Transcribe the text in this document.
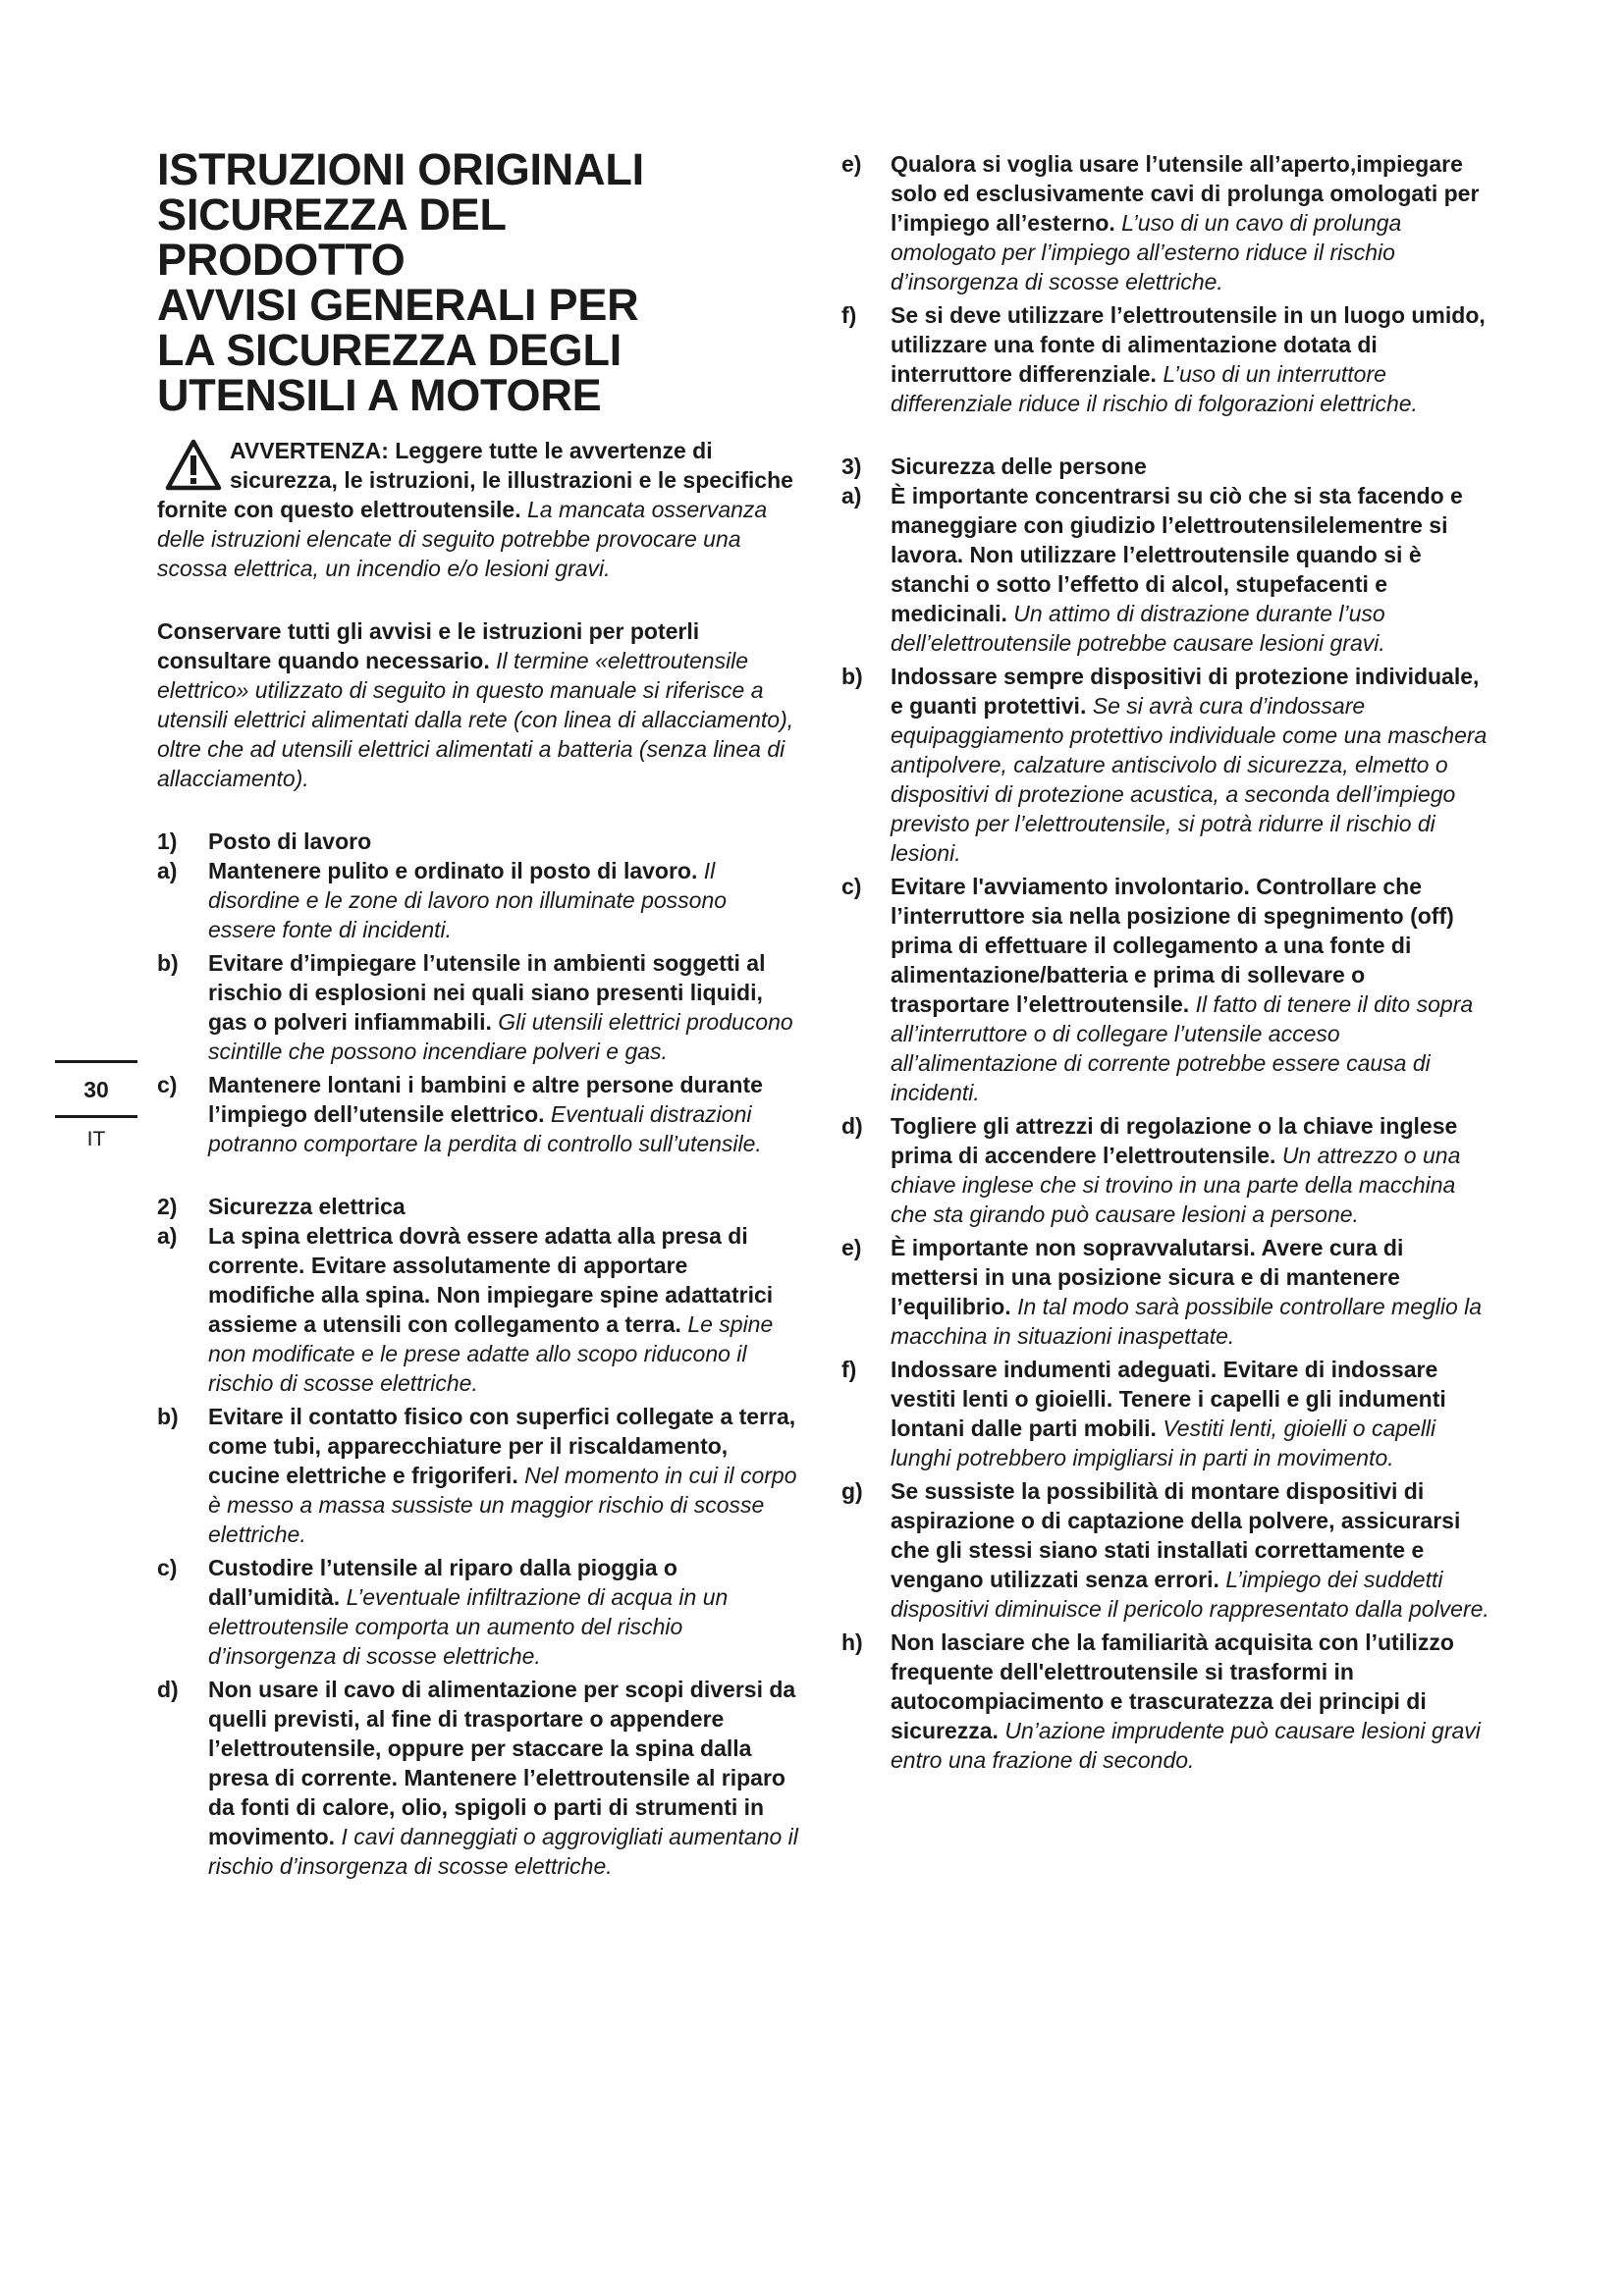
30
IT
ISTRUZIONI ORIGINALI
SICUREZZA DEL
PRODOTTO
AVVISI GENERALI PER
LA SICUREZZA DEGLI
UTENSILI A MOTORE

AVVERTENZA: Leggere tutte le avvertenze di sicurezza, le istruzioni, le illustrazioni e le specifiche fornite con questo elettroutensile. La mancata osservanza delle istruzioni elencate di seguito potrebbe provocare una scossa elettrica, un incendio e/o lesioni gravi.

Conservare tutti gli avvisi e le istruzioni per poterli consultare quando necessario. Il termine «elettroutensile elettrico» utilizzato di seguito in questo manuale si riferisce a utensili elettrici alimentati dalla rete (con linea di allacciamento), oltre che ad utensili elettrici alimentati a batteria (senza linea di allacciamento).

1)	Posto di lavoro
a)	Mantenere pulito e ordinato il posto di lavoro. Il disordine e le zone di lavoro non illuminate possono essere fonte di incidenti.
b)	Evitare d’impiegare l’utensile in ambienti soggetti al rischio di esplosioni nei quali siano presenti liquidi, gas o polveri infiammabili. Gli utensili elettrici producono scintille che possono incendiare polveri e gas.
c)	Mantenere lontani i bambini e altre persone durante l’impiego dell’utensile elettrico. Eventuali distrazioni potranno comportare la perdita di controllo sull’utensile.
2)	Sicurezza elettrica
a)	La spina elettrica dovrà essere adatta alla presa di corrente. Evitare assolutamente di apportare modifiche alla spina. Non impiegare spine adattatrici assieme a utensili con collegamento a terra. Le spine non modificate e le prese adatte allo scopo riducono il rischio di scosse elettriche.
b)	Evitare il contatto fisico con superfici collegate a terra, come tubi, apparecchiature per il riscaldamento, cucine elettriche e frigoriferi. Nel momento in cui il corpo è messo a massa sussiste un maggior rischio di scosse elettriche.
c)	Custodire l’utensile al riparo dalla pioggia o dall’umidità. L’eventuale infiltrazione di acqua in un elettroutensile comporta un aumento del rischio d’insorgenza di scosse elettriche.
d)	Non usare il cavo di alimentazione per scopi diversi da quelli previsti, al fine di trasportare o appendere l’elettroutensile, oppure per staccare la spina dalla presa di corrente. Mantenere l’elettroutensile al riparo da fonti di calore, olio, spigoli o parti di strumenti in movimento. I cavi danneggiati o aggrovigliati aumentano il rischio d’insorgenza di scosse elettriche.
e)	Qualora si voglia usare l’utensile all’aperto,impiegare solo ed esclusivamente cavi di prolunga omologati per l’impiego all’esterno. L’uso di un cavo di prolunga omologato per l’impiego all’esterno riduce il rischio d’insorgenza di scosse elettriche.
f)	Se si deve utilizzare l’elettroutensile in un luogo umido, utilizzare una fonte di alimentazione dotata di interruttore differenziale. L’uso di un interruttore differenziale riduce il rischio di folgorazioni elettriche.
3)	Sicurezza delle persone
a)	È importante concentrarsi su ciò che si sta facendo e maneggiare con giudizio l’elettroutensilelementre si lavora. Non utilizzare l’elettroutensile quando si è stanchi o sotto l’effetto di alcol, stupefacenti e medicinali. Un attimo di distrazione durante l’uso dell’elettroutensile potrebbe causare lesioni gravi.
b)	Indossare sempre dispositivi di protezione individuale, e guanti protettivi. Se si avrà cura d’indossare equipaggiamento protettivo individuale come una maschera antipolvere, calzature antiscivolo di sicurezza, elmetto o dispositivi di protezione acustica, a seconda dell’impiego previsto per l’elettroutensile, si potrà ridurre il rischio di lesioni.
c)	Evitare l'avviamento involontario. Controllare che l’interruttore sia nella posizione di spegnimento (off) prima di effettuare il collegamento a una fonte di alimentazione/batteria e prima di sollevare o trasportare l’elettroutensile. Il fatto di tenere il dito sopra all’interruttore o di collegare l’utensile acceso all’alimentazione di corrente potrebbe essere causa di incidenti.
d)	Togliere gli attrezzi di regolazione o la chiave inglese prima di accendere l’elettroutensile. Un attrezzo o una chiave inglese che si trovino in una parte della macchina che sta girando può causare lesioni a persone.
e)	È importante non sopravvalutarsi. Avere cura di mettersi in una posizione sicura e di mantenere l’equilibrio. In tal modo sarà possibile controllare meglio la macchina in situazioni inaspettate.
f)	Indossare indumenti adeguati. Evitare di indossare vestiti lenti o gioielli. Tenere i capelli e gli indumenti lontani dalle parti mobili. Vestiti lenti, gioielli o capelli lunghi potrebbero impigliarsi in parti in movimento.
g)	Se sussiste la possibilità di montare dispositivi di aspirazione o di captazione della polvere, assicurarsi che gli stessi siano stati installati correttamente e vengano utilizzati senza errori. L’impiego dei suddetti dispositivi diminuisce il pericolo rappresentato dalla polvere.
h)	Non lasciare che la familiarità acquisita con l’utilizzo frequente dell'elettroutensile si trasformi in autocompiacimento e trascuratezza dei principi di sicurezza. Un’azione imprudente può causare lesioni gravi entro una frazione di secondo.
